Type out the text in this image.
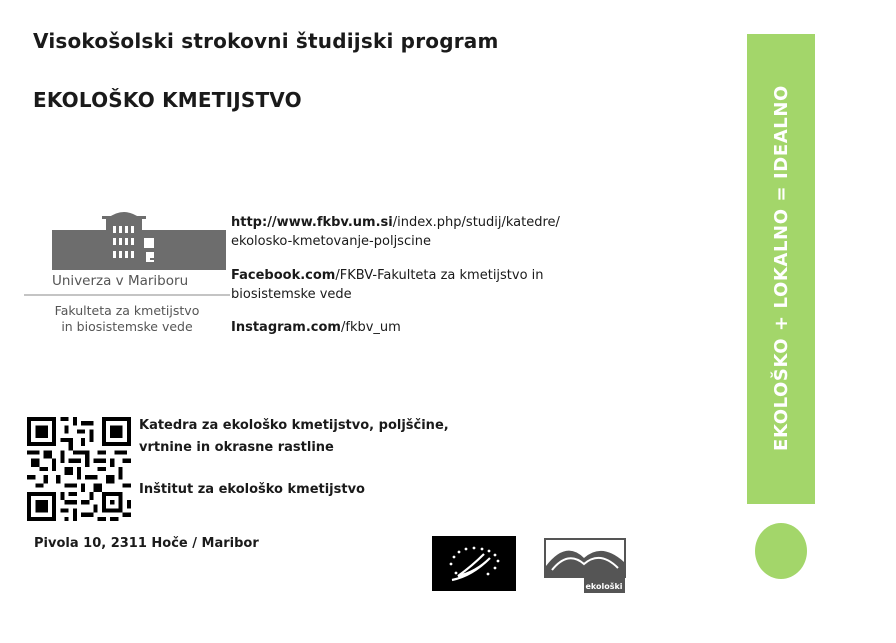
Visokošolski strokovni študijski program
EKOLOŠKO KMETIJSTVO	EKOLOŠKO + LOKALNO = IDEALNO
Univerza v Mariboru
Fakulteta za kmetijstvo
in biosistemske vede
http://www.fkbv.um.si/index.php/studij/katedre/
ekolosko-kmetovanje-poljscine
Facebook.com/FKBV-Fakulteta za kmetijstvo in
biosistemske vede
Instagram.com/fkbv_um
Katedra za ekološko kmetijstvo, poljščine,
vrtnine in okrasne rastline
Inštitut za ekološko kmetijstvo
Pivola 10, 2311 Hoče / Maribor
ekološki
